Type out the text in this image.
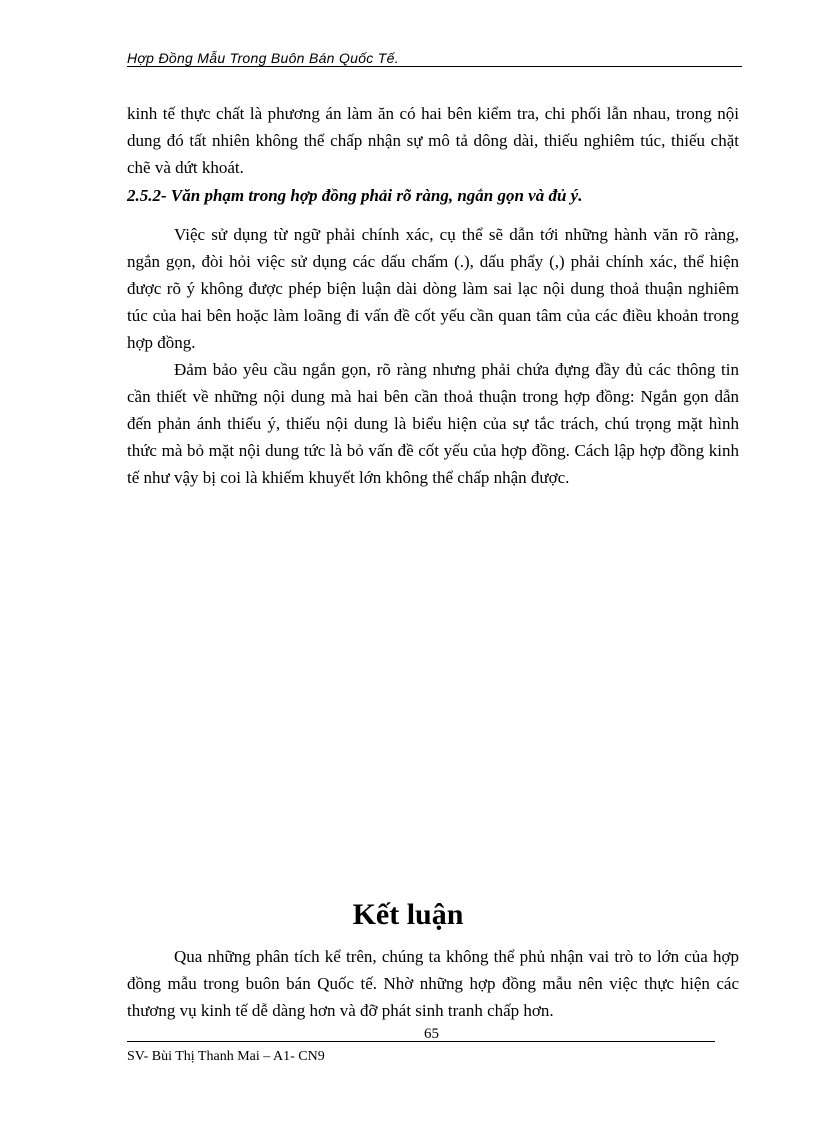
Hợp Đồng Mẫu Trong Buôn Bán Quốc Tế.
kinh tế thực chất là phương án làm ăn có hai bên kiểm tra, chi phối lẫn nhau, trong nội dung đó tất nhiên không thể chấp nhận sự mô tả dông dài, thiếu nghiêm túc, thiếu chặt chẽ và dứt khoát.
2.5.2- Văn phạm trong hợp đồng phải rõ ràng, ngắn gọn và đủ ý.
Việc sử dụng từ ngữ phải chính xác, cụ thể sẽ dẫn tới những hành văn rõ ràng, ngắn gọn, đòi hỏi việc sử dụng các dấu chấm (.), dấu phẩy (,) phải chính xác, thể hiện được rõ ý không được phép biện luận dài dòng làm sai lạc nội dung thoả thuận nghiêm túc của hai bên hoặc làm loãng đi vấn đề cốt yếu cần quan tâm của các điều khoản trong hợp đồng.
Đảm bảo yêu cầu ngắn gọn, rõ ràng nhưng phải chứa đựng đầy đủ các thông tin cần thiết về những nội dung mà hai bên cần thoả thuận trong hợp đồng: Ngắn gọn dẫn đến phản ánh thiếu ý, thiếu nội dung là biểu hiện của sự tắc trách, chú trọng mặt hình thức mà bỏ mặt nội dung tức là bỏ vấn đề cốt yếu của hợp đồng. Cách lập hợp đồng kinh tế như vậy bị coi là khiếm khuyết lớn không thể chấp nhận được.
Kết luận
Qua những phân tích kể trên, chúng ta không thể phủ nhận vai trò to lớn của hợp đồng mẫu trong buôn bán Quốc tế. Nhờ những hợp đồng mẫu nên việc thực hiện các thương vụ kinh tế dễ dàng hơn và đỡ phát sinh tranh chấp hơn.
65
SV- Bùi Thị Thanh Mai – A1- CN9
